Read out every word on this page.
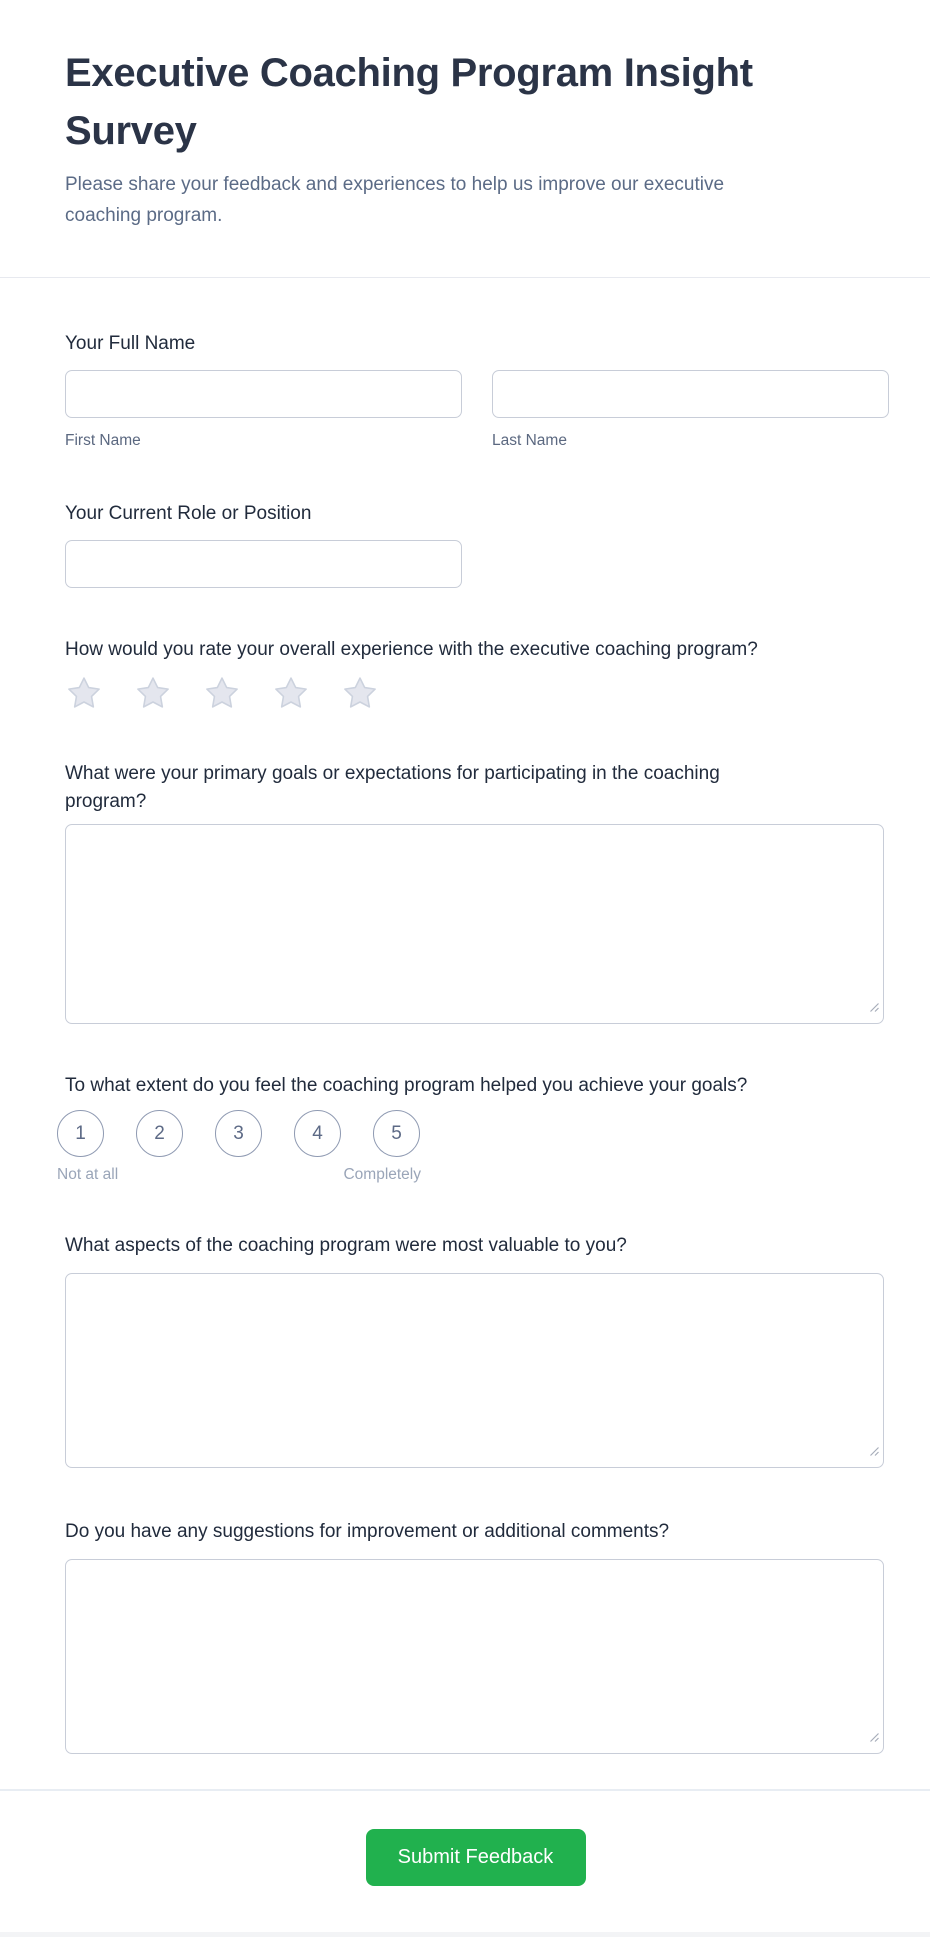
Executive Coaching Program Insight Survey

Please share your feedback and experiences to help us improve our executive coaching program.

Your Full Name
First Name	Last Name
Your Current Role or Position
How would you rate your overall experience with the executive coaching program?
What were your primary goals or expectations for participating in the coaching program?
To what extent do you feel the coaching program helped you achieve your goals?
1	2	3	4	5
Not at all	Completely
What aspects of the coaching program were most valuable to you?
Do you have any suggestions for improvement or additional comments?
Submit Feedback
